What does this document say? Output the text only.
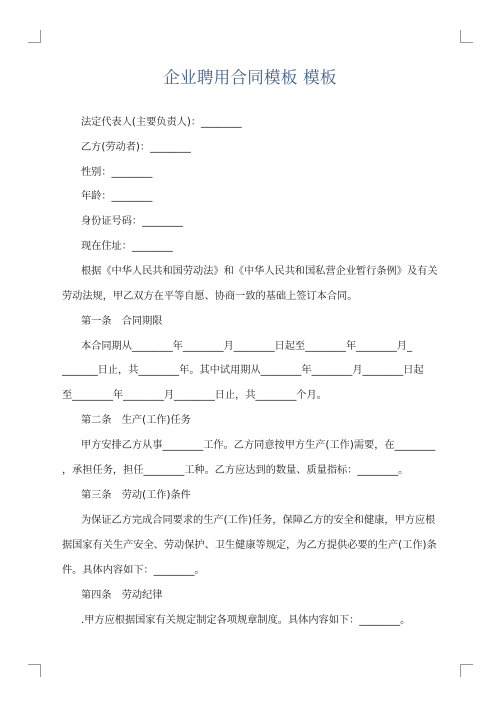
企业聘用合同模板 模板
法定代表人(主要负责人)：________
乙方(劳动者)：________
性别：________
年龄：________
身份证号码：________
现在住址：________
根据《中华人民共和国劳动法》和《中华人民共和国私营企业暂行条例》及有关
劳动法规，甲乙双方在平等自愿、协商一致的基础上签订本合同。
第一条　合同期限
本合同期从________年________月________日起至________年________月_
_______日止，共________年。其中试用期从________年________月________日起
至________年________月________日止，共________个月。
第二条　生产(工作)任务
甲方安排乙方从事________工作。乙方同意按甲方生产(工作)需要，在________
，承担任务，担任________工种。乙方应达到的数量、质量指标：________。
第三条　劳动(工作)条件
为保证乙方完成合同要求的生产(工作)任务，保障乙方的安全和健康，甲方应根
据国家有关生产安全、劳动保护、卫生健康等规定，为乙方提供必要的生产(工作)条
件。具体内容如下：________。
第四条　劳动纪律
.甲方应根据国家有关规定制定各项规章制度。具体内容如下：________。
